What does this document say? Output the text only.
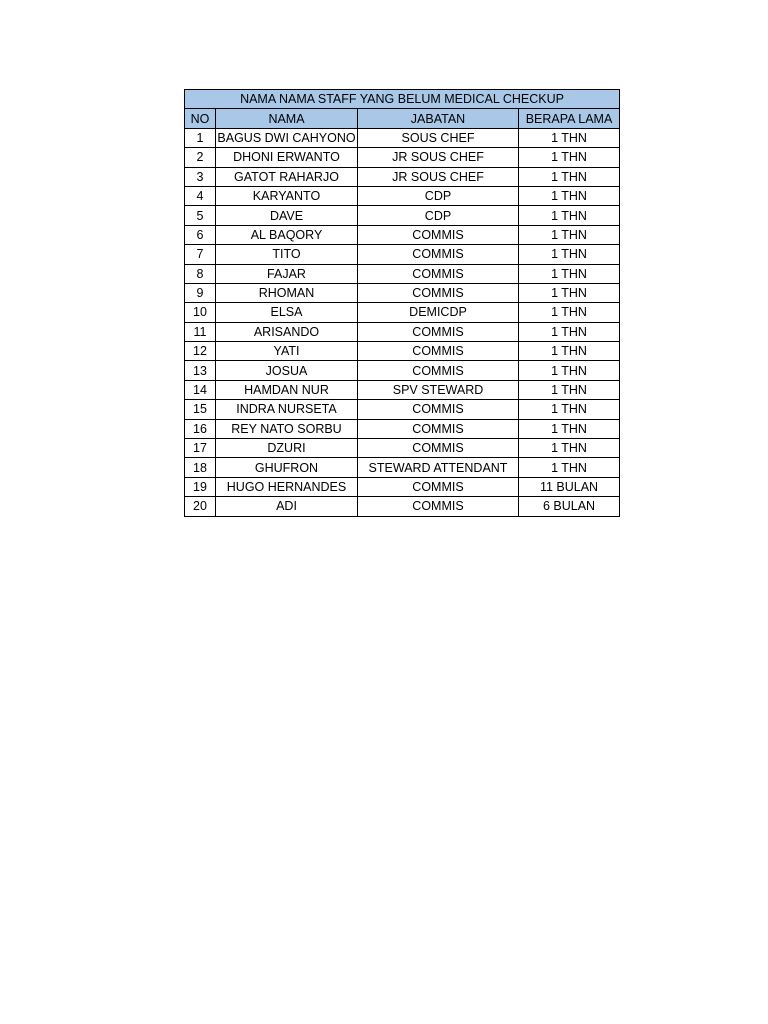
NAMA NAMA STAFF YANG BELUM MEDICAL CHECKUP			
NO	NAMA	JABATAN	BERAPA LAMA
1	BAGUS DWI CAHYONO	SOUS CHEF	1 THN
2	DHONI ERWANTO	JR SOUS CHEF	1 THN
3	GATOT RAHARJO	JR SOUS CHEF	1 THN
4	KARYANTO	CDP	1 THN
5	DAVE	CDP	1 THN
6	AL BAQORY	COMMIS	1 THN
7	TITO	COMMIS	1 THN
8	FAJAR	COMMIS	1 THN
9	RHOMAN	COMMIS	1 THN
10	ELSA	DEMICDP	1 THN
11	ARISANDO	COMMIS	1 THN
12	YATI	COMMIS	1 THN
13	JOSUA	COMMIS	1 THN
14	HAMDAN NUR	SPV STEWARD	1 THN
15	INDRA NURSETA	COMMIS	1 THN
16	REY NATO SORBU	COMMIS	1 THN
17	DZURI	COMMIS	1 THN
18	GHUFRON	STEWARD ATTENDANT	1 THN
19	HUGO HERNANDES	COMMIS	11 BULAN
20	ADI	COMMIS	6 BULAN
